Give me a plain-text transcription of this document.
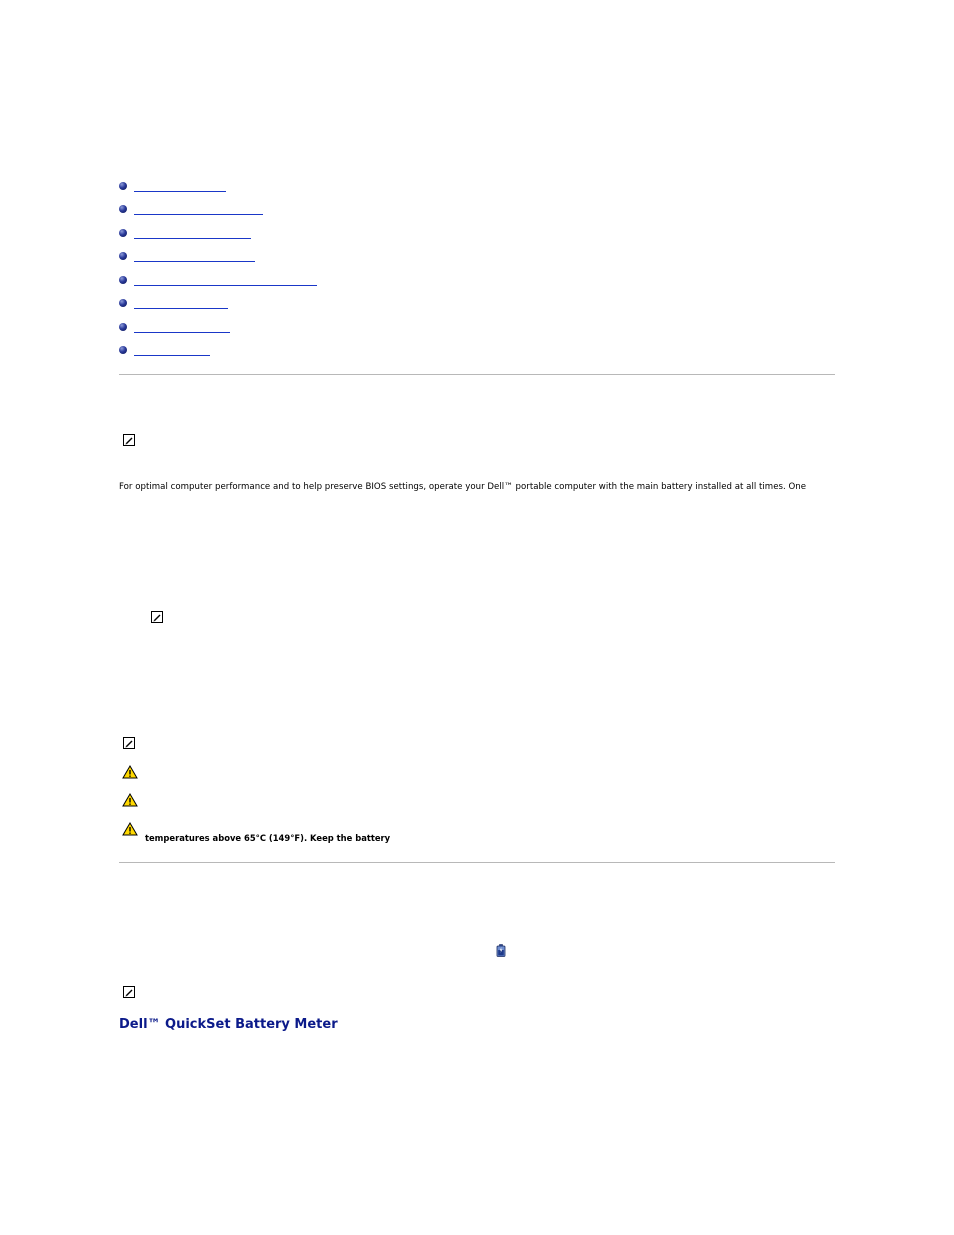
For optimal computer performance and to help preserve BIOS settings, operate your Dell™ portable computer with the main battery installed at all times. One
temperatures above 65°C (149°F). Keep the battery
Dell™ QuickSet Battery Meter
